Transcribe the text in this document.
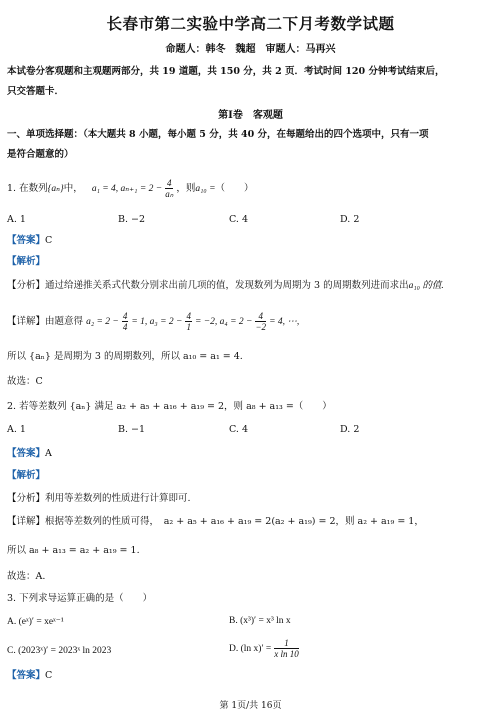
长春市第二实验中学高二下月考数学试题
命题人：韩冬　魏超　审题人：马再兴
本试卷分客观题和主观题两部分，共 19 道题，共 150 分，共 2 页．考试时间 120 分钟考试结束后，
只交答题卡．
第Ⅰ卷　客观题
一、单项选择题：（本大题共 8 小题，每小题 5 分，共 40 分，在每题给出的四个选项中，只有一项
是符合题意的）
1. 在数列{aₙ}中， a₁ = 4, $a_{n+1} = 2 - \frac{4}{\text{aₙ}}$ ，则a₁₀ =（　　）
A. 1	B. −2	C. 4	D. 2
【答案】C
【解析】
【分析】通过给递推关系式代数分别求出前几项的值，发现数列为周期为 3 的周期数列进而求出a₁₀ 的值.
【详解】由题意得 $a_2 = 2 - \frac{4}{4} = 1$, $a_3 = 2 - \frac{4}{1} = -2$, $a_4 = 2 - \frac{4}{-2} = 4$, ⋯,
所以 {aₙ} 是周期为 3 的周期数列，所以 a₁₀ = a₁ = 4.
故选：C
2. 若等差数列 {aₙ} 满足 a₂ + a₅ + a₁₆ + a₁₉ = 2，则 a₈ + a₁₃ =（　　）
A. 1	B. −1	C. 4	D. 2
【答案】A
【解析】
【分析】利用等差数列的性质进行计算即可.
【详解】根据等差数列的性质可得，　a₂ + a₅ + a₁₆ + a₁₉ = 2(a₂ + a₁₉) = 2，则 a₂ + a₁₉ = 1，
所以 a₈ + a₁₃ = a₂ + a₁₉ = 1.
故选：A.
3. 下列求导运算正确的是（　　）
A. (eˣ)′ = xeˣ⁻¹	B. (x³)′ = x³ ln x
C. (2023ˣ)′ = 2023ˣ ln 2023	D. (ln $x)' = \frac{1}{\text{x ln 10}}$
【答案】C
第 1页/共 16页
